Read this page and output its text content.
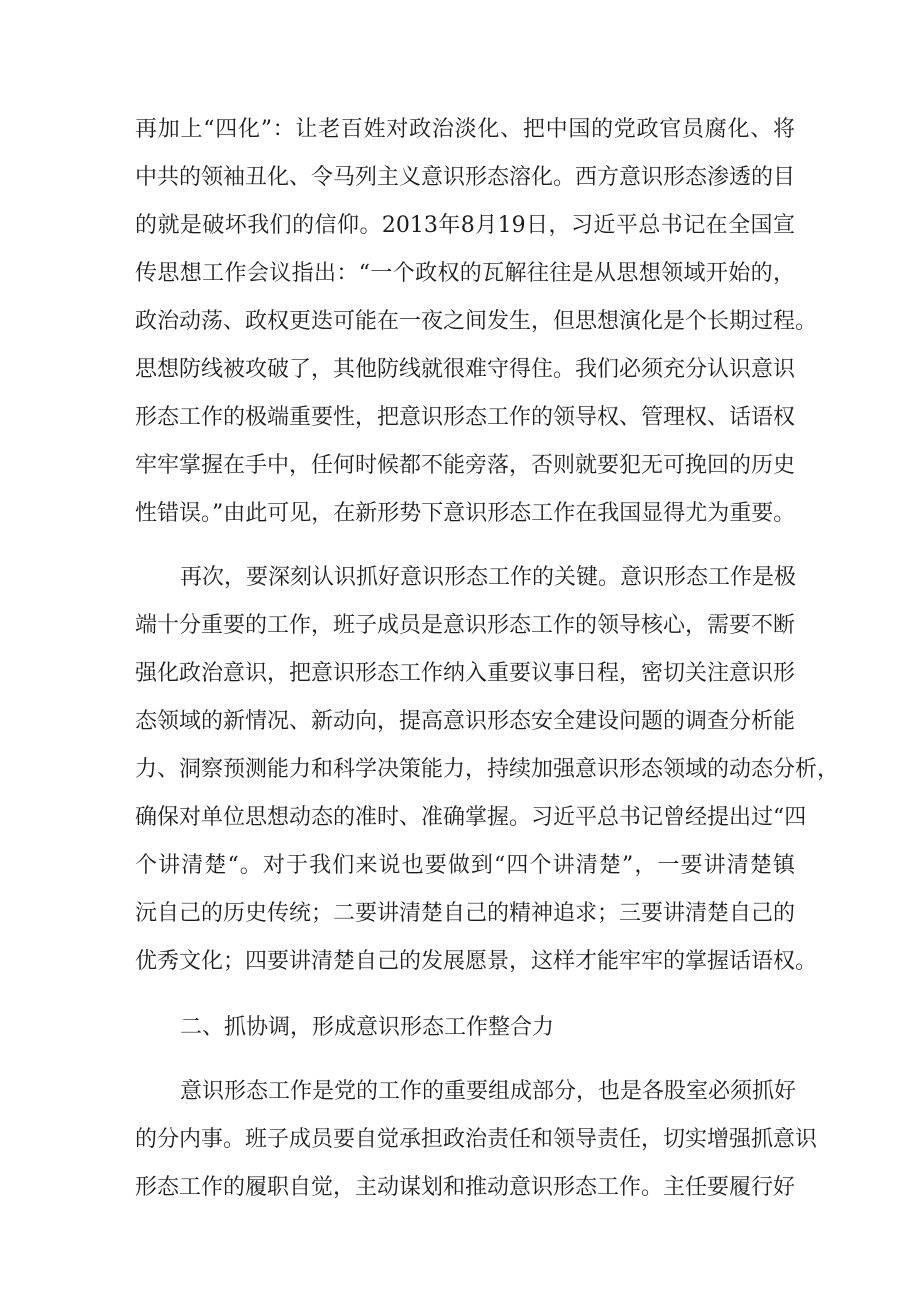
再加上“四化”：让老百姓对政治淡化、把中国的党政官员腐化、将
中共的领袖丑化、令马列主义意识形态溶化。西方意识形态渗透的目
的就是破坏我们的信仰。2013年8月19日，习近平总书记在全国宣
传思想工作会议指出：“一个政权的瓦解往往是从思想领域开始的，
政治动荡、政权更迭可能在一夜之间发生，但思想演化是个长期过程。
思想防线被攻破了，其他防线就很难守得住。我们必须充分认识意识
形态工作的极端重要性，把意识形态工作的领导权、管理权、话语权
牢牢掌握在手中，任何时候都不能旁落，否则就要犯无可挽回的历史
性错误。”由此可见，在新形势下意识形态工作在我国显得尤为重要。
再次，要深刻认识抓好意识形态工作的关键。意识形态工作是极
端十分重要的工作，班子成员是意识形态工作的领导核心，需要不断
强化政治意识，把意识形态工作纳入重要议事日程，密切关注意识形
态领域的新情况、新动向，提高意识形态安全建设问题的调查分析能
力、洞察预测能力和科学决策能力，持续加强意识形态领域的动态分析，
确保对单位思想动态的准时、准确掌握。习近平总书记曾经提出过“四
个讲清楚“。对于我们来说也要做到“四个讲清楚”，一要讲清楚镇
沅自己的历史传统；二要讲清楚自己的精神追求；三要讲清楚自己的
优秀文化；四要讲清楚自己的发展愿景，这样才能牢牢的掌握话语权。
二、抓协调，形成意识形态工作整合力
意识形态工作是党的工作的重要组成部分，也是各股室必须抓好
的分内事。班子成员要自觉承担政治责任和领导责任，切实增强抓意识
形态工作的履职自觉，主动谋划和推动意识形态工作。主任要履行好
